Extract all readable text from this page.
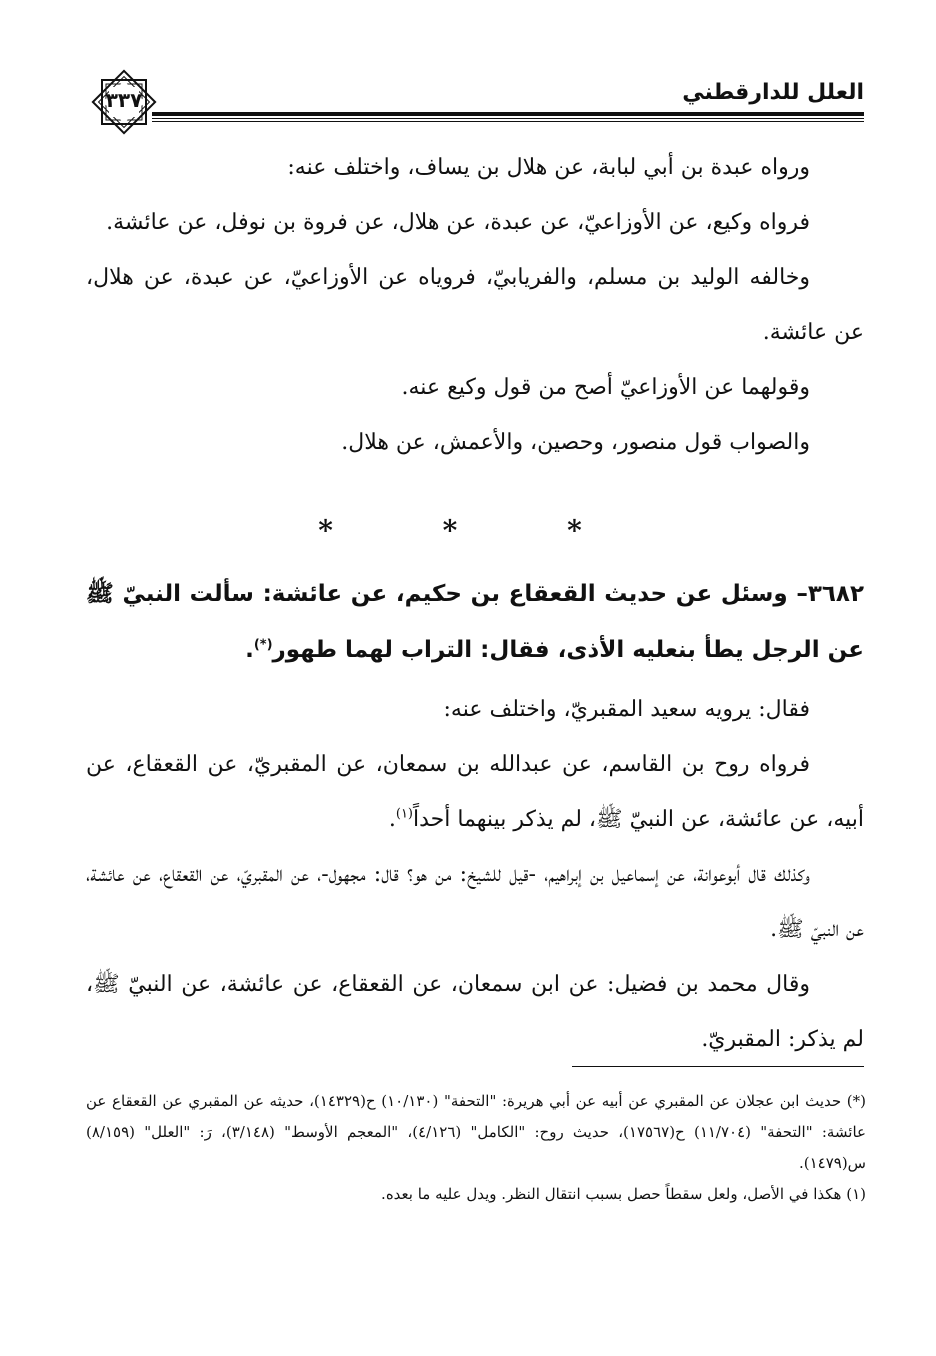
العلل للدارقطني
٣٣٧

ورواه عبدة بن أبي لبابة، عن هلال بن يساف، واختلف عنه:

فرواه وكيع، عن الأوزاعيّ، عن عبدة، عن هلال، عن فروة بن نوفل، عن عائشة.

وخالفه الوليد بن مسلم، والفريابيّ، فروياه عن الأوزاعيّ، عن عبدة، عن هلال، عن عائشة.

وقولهما عن الأوزاعيّ أصح من قول وكيع عنه.

والصواب قول منصور، وحصين، والأعمش، عن هلال.

* * *

٣٦٨٢– وسئل عن حديث القعقاع بن حكيم، عن عائشة: سألت النبيّ ﷺ عن الرجل يطأ بنعليه الأذى، فقال: التراب لهما طهور(*).

فقال: يرويه سعيد المقبريّ، واختلف عنه:

فرواه روح بن القاسم، عن عبدالله بن سمعان، عن المقبريّ، عن القعقاع، عن أبيه، عن عائشة، عن النبيّ ﷺ، لم يذكر بينهما أحداً$^{(١)}$.

وكذلك قال أبوعوانة، عن إسماعيل بن إبراهيم، -قيل للشيخ: من هو؟ قال: مجهول-، عن المقبريّ، عن القعقاع، عن عائشة، عن النبيّ ﷺ.

وقال محمد بن فضيل: عن ابن سمعان، عن القعقاع، عن عائشة، عن النبيّ ﷺ، لم يذكر: المقبريّ.

(*) حديث ابن عجلان عن المقبري عن أبيه عن أبي هريرة: "التحفة" (١٠/١٣٠) ح(١٤٣٢٩)، حديثه عن المقبري عن القعقاع عن عائشة: "التحفة" (١١/٧٠٤) ح(١٧٥٦٧)، حديث روح: "الكامل" (٤/١٢٦)، "المعجم الأوسط" (٣/١٤٨)، رَ: "العلل" (٨/١٥٩) س(١٤٧٩).

(١) هكذا في الأصل، ولعل سقطاً حصل بسبب انتقال النظر. ويدل عليه ما بعده.
